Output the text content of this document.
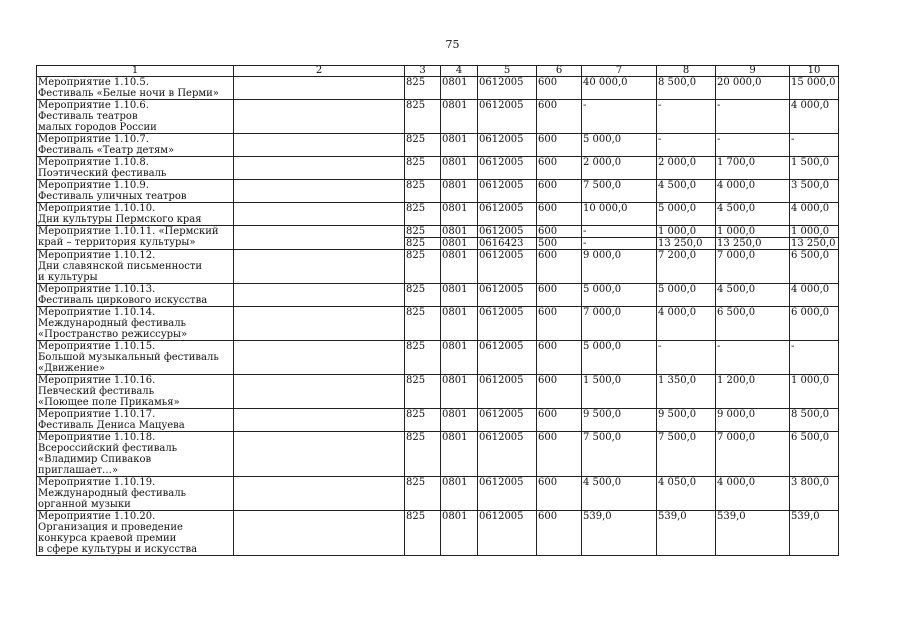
75
1	2	3	4	5	6	7	8	9	10
Мероприятие 1.10.5.
Фестиваль «Белые ночи в Перми»		825	0801	0612005	600	40 000,0	8 500,0	20 000,0	15 000,0
Мероприятие 1.10.6.
Фестиваль театров
малых городов России		825	0801	0612005	600	-	-	-	4 000,0
Мероприятие 1.10.7.
Фестиваль «Театр детям»		825	0801	0612005	600	5 000,0	-	-	-
Мероприятие 1.10.8.
Поэтический фестиваль		825	0801	0612005	600	2 000,0	2 000,0	1 700,0	1 500,0
Мероприятие 1.10.9.
Фестиваль уличных театров		825	0801	0612005	600	7 500,0	4 500,0	4 000,0	3 500,0
Мероприятие 1.10.10.
Дни культуры Пермского края		825	0801	0612005	600	10 000,0	5 000,0	4 500,0	4 000,0
Мероприятие 1.10.11. «Пермский
край – территория культуры»		825	0801	0612005	600	-	1 000,0	1 000,0	1 000,0
		825	0801	0616423	500	-	13 250,0	13 250,0	13 250,0
Мероприятие 1.10.12.
Дни славянской письменности
и культуры		825	0801	0612005	600	9 000,0	7 200,0	7 000,0	6 500,0
Мероприятие 1.10.13.
Фестиваль циркового искусства		825	0801	0612005	600	5 000,0	5 000,0	4 500,0	4 000,0
Мероприятие 1.10.14.
Международный фестиваль
«Пространство режиссуры»		825	0801	0612005	600	7 000,0	4 000,0	6 500,0	6 000,0
Мероприятие 1.10.15.
Большой музыкальный фестиваль
«Движение»		825	0801	0612005	600	5 000,0	-	-	-
Мероприятие 1.10.16.
Певческий фестиваль
«Поющее поле Прикамья»		825	0801	0612005	600	1 500,0	1 350,0	1 200,0	1 000,0
Мероприятие 1.10.17.
Фестиваль Дениса Мацуева		825	0801	0612005	600	9 500,0	9 500,0	9 000,0	8 500,0
Мероприятие 1.10.18.
Всероссийский фестиваль
«Владимир Спиваков
приглашает…»		825	0801	0612005	600	7 500,0	7 500,0	7 000,0	6 500,0
Мероприятие 1.10.19.
Международный фестиваль
органной музыки		825	0801	0612005	600	4 500,0	4 050,0	4 000,0	3 800,0
Мероприятие 1.10.20.
Организация и проведение
конкурса краевой премии
в сфере культуры и искусства		825	0801	0612005	600	539,0	539,0	539,0	539,0
